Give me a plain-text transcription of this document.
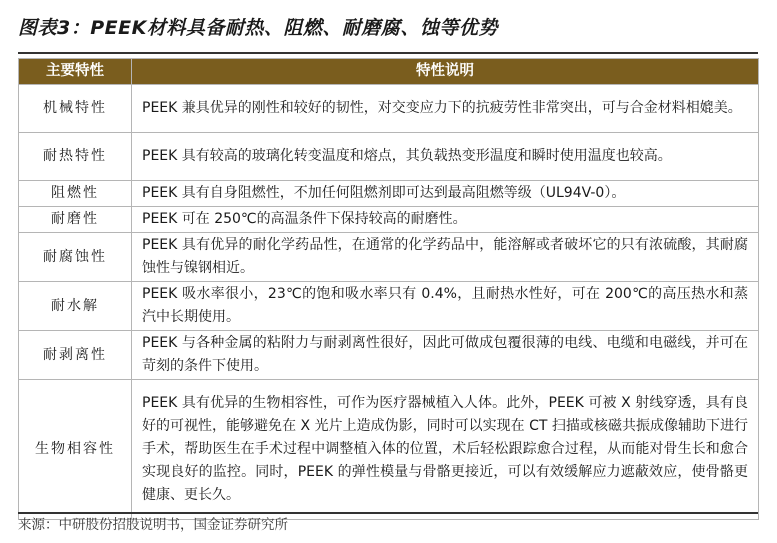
图表3：PEEK材料具备耐热、阻燃、耐磨腐、蚀等优势
主要特性	特性说明
机械特性	PEEK 兼具优异的刚性和较好的韧性，对交变应力下的抗疲劳性非常突出，可与合金材料相媲美。
耐热特性	PEEK 具有较高的玻璃化转变温度和熔点，其负载热变形温度和瞬时使用温度也较高。
阻燃性	PEEK 具有自身阻燃性，不加任何阻燃剂即可达到最高阻燃等级（UL94V-0）。
耐磨性	PEEK 可在 250℃的高温条件下保持较高的耐磨性。
耐腐蚀性	PEEK 具有优异的耐化学药品性，在通常的化学药品中，能溶解或者破坏它的只有浓硫酸，其耐腐蚀性与镍钢相近。
耐水解	PEEK 吸水率很小，23℃的饱和吸水率只有 0.4%，且耐热水性好，可在 200℃的高压热水和蒸汽中长期使用。
耐剥离性	PEEK 与各种金属的粘附力与耐剥离性很好，因此可做成包覆很薄的电线、电缆和电磁线，并可在苛刻的条件下使用。
生物相容性	PEEK 具有优异的生物相容性，可作为医疗器械植入人体。此外，PEEK 可被 X 射线穿透，具有良好的可视性，能够避免在 X 光片上造成伪影，同时可以实现在 CT 扫描或核磁共振成像辅助下进行手术，帮助医生在手术过程中调整植入体的位置，术后轻松跟踪愈合过程，从而能对骨生长和愈合实现良好的监控。同时，PEEK 的弹性模量与骨骼更接近，可以有效缓解应力遮蔽效应，使骨骼更健康、更长久。
来源：中研股份招股说明书，国金证券研究所
